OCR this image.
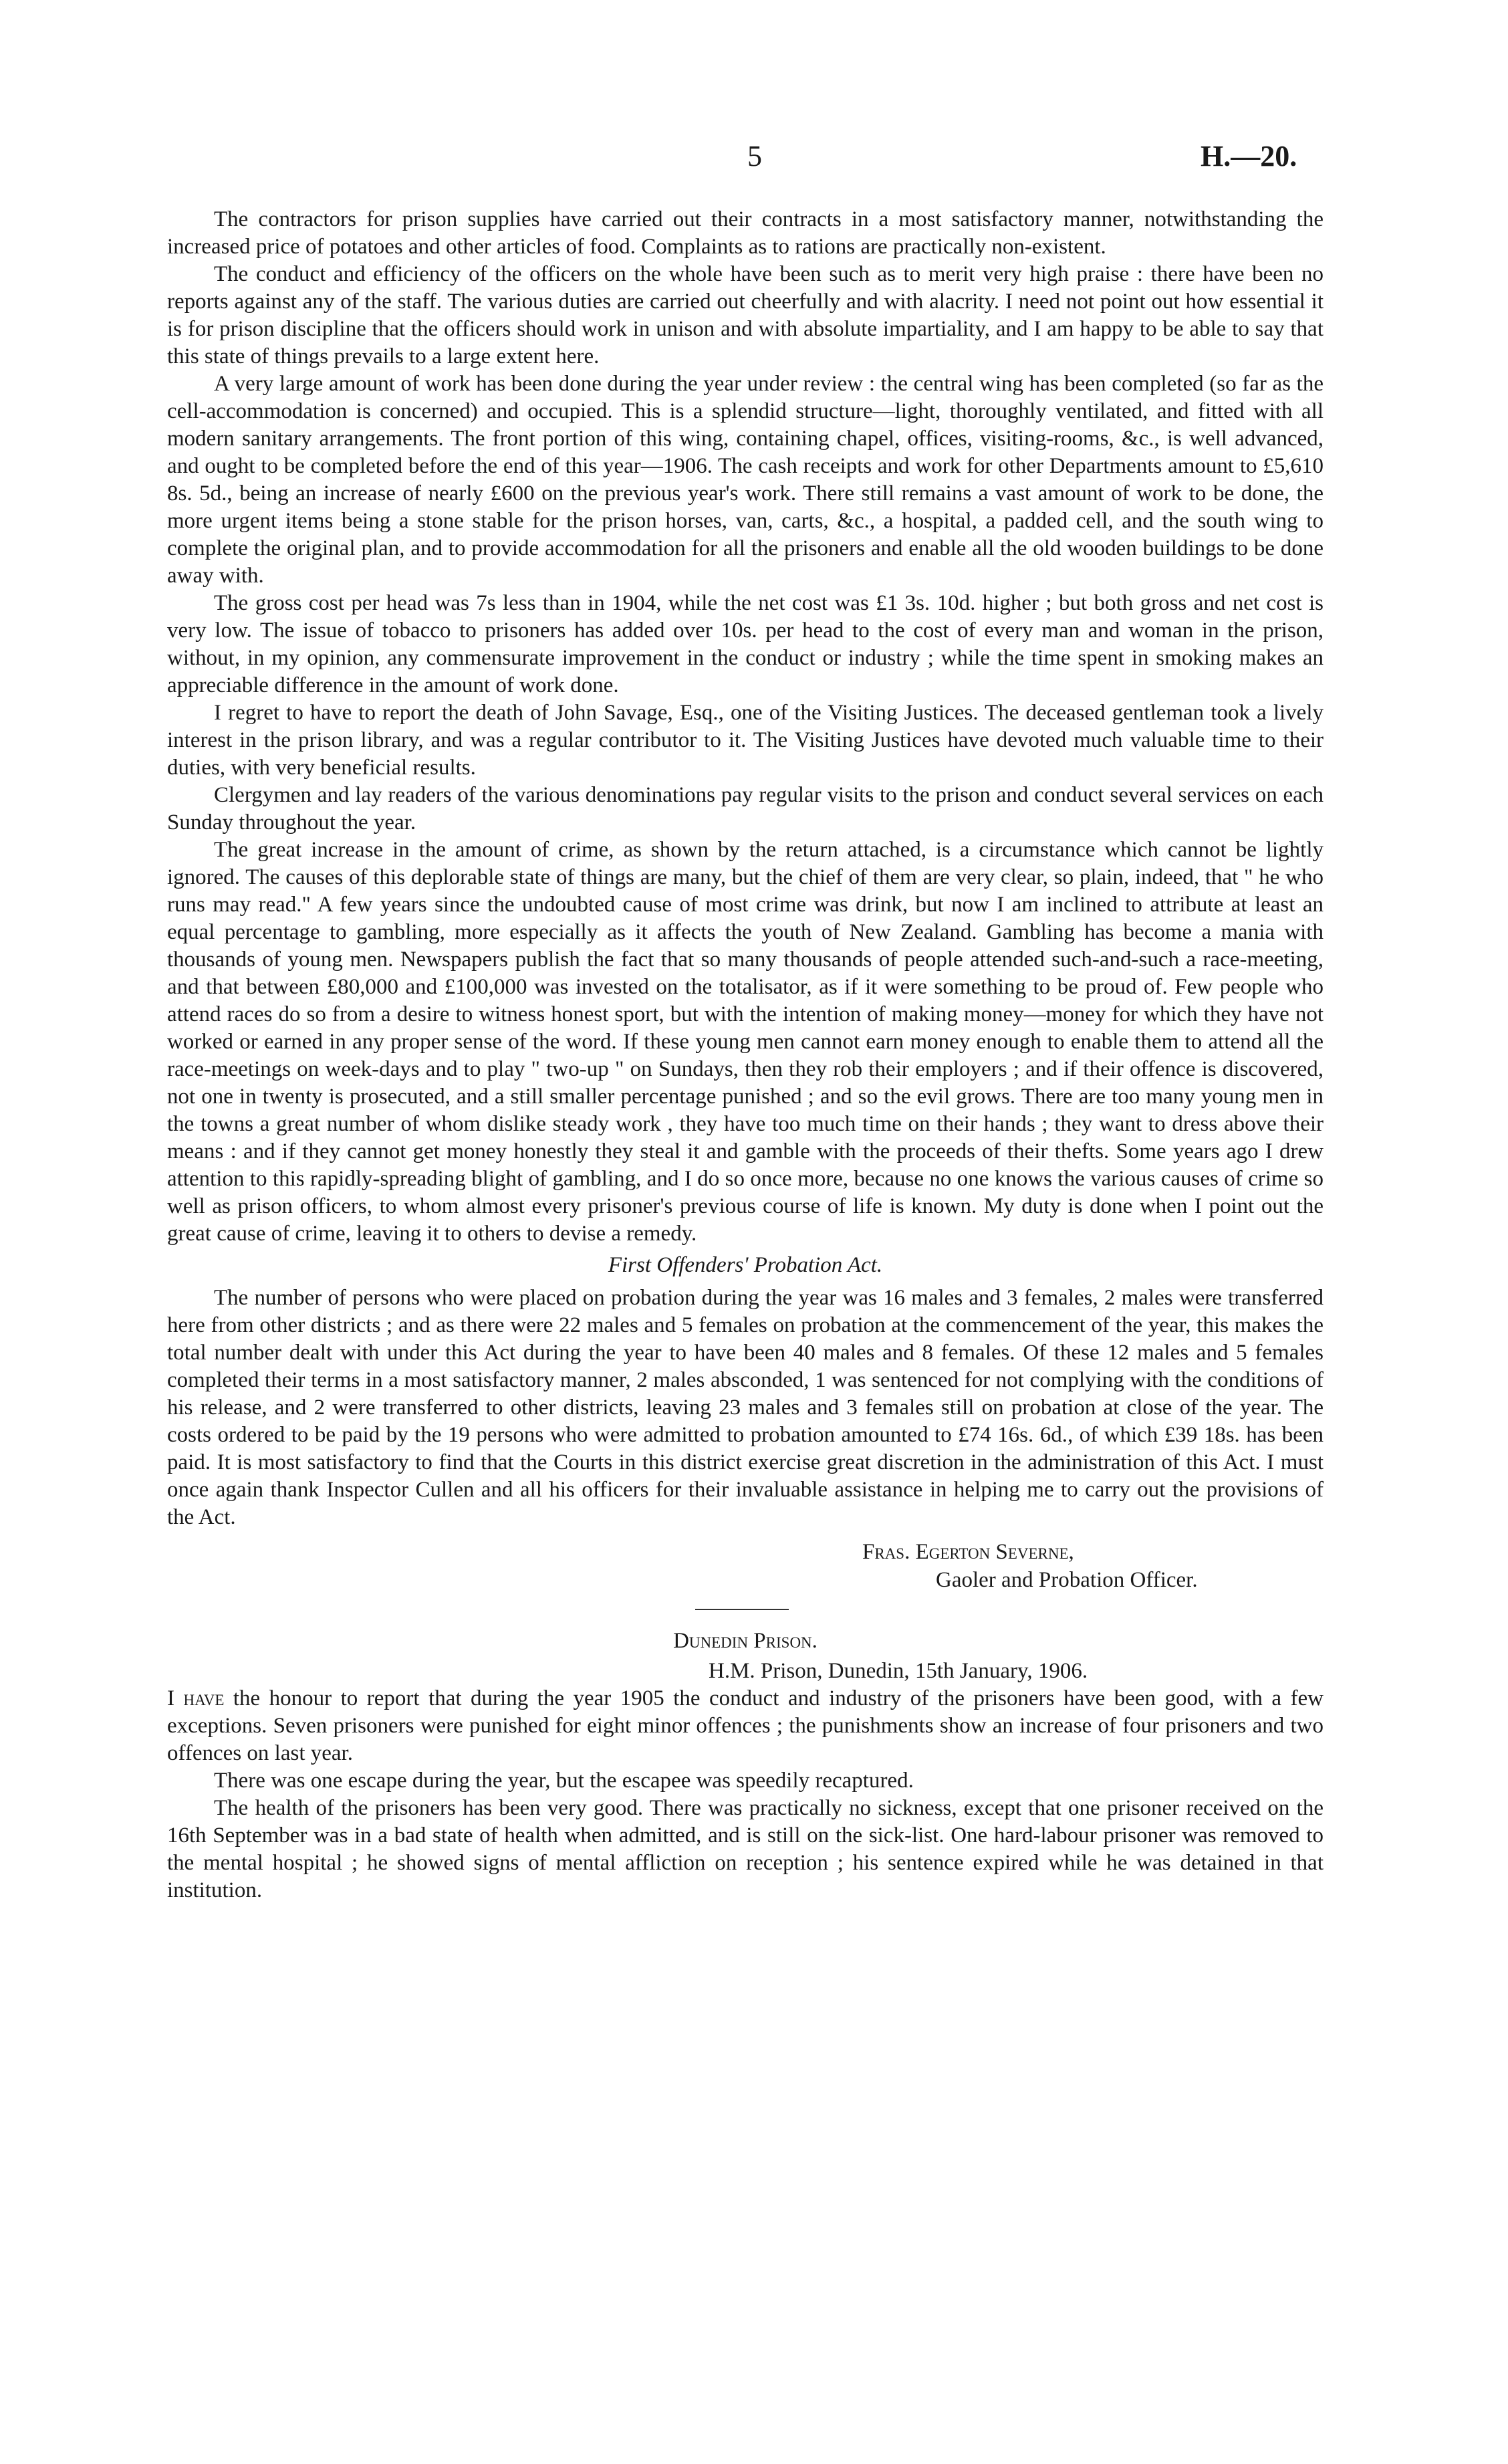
5	H.—20.

The contractors for prison supplies have carried out their contracts in a most satisfactory manner, notwithstanding the increased price of potatoes and other articles of food. Complaints as to rations are practically non-existent.

The conduct and efficiency of the officers on the whole have been such as to merit very high praise : there have been no reports against any of the staff. The various duties are carried out cheerfully and with alacrity. I need not point out how essential it is for prison discipline that the officers should work in unison and with absolute impartiality, and I am happy to be able to say that this state of things prevails to a large extent here.

A very large amount of work has been done during the year under review : the central wing has been completed (so far as the cell-accommodation is concerned) and occupied. This is a splendid structure—light, thoroughly ventilated, and fitted with all modern sanitary arrangements. The front portion of this wing, containing chapel, offices, visiting-rooms, &c., is well advanced, and ought to be completed before the end of this year—1906. The cash receipts and work for other Departments amount to £5,610 8s. 5d., being an increase of nearly £600 on the previous year's work. There still remains a vast amount of work to be done, the more urgent items being a stone stable for the prison horses, van, carts, &c., a hospital, a padded cell, and the south wing to complete the original plan, and to provide accommodation for all the prisoners and enable all the old wooden buildings to be done away with.

The gross cost per head was 7s less than in 1904, while the net cost was £1 3s. 10d. higher ; but both gross and net cost is very low. The issue of tobacco to prisoners has added over 10s. per head to the cost of every man and woman in the prison, without, in my opinion, any commensurate improvement in the conduct or industry ; while the time spent in smoking makes an appreciable difference in the amount of work done.

I regret to have to report the death of John Savage, Esq., one of the Visiting Justices. The deceased gentleman took a lively interest in the prison library, and was a regular contributor to it. The Visiting Justices have devoted much valuable time to their duties, with very beneficial results.

Clergymen and lay readers of the various denominations pay regular visits to the prison and conduct several services on each Sunday throughout the year.

The great increase in the amount of crime, as shown by the return attached, is a circumstance which cannot be lightly ignored. The causes of this deplorable state of things are many, but the chief of them are very clear, so plain, indeed, that " he who runs may read." A few years since the undoubted cause of most crime was drink, but now I am inclined to attribute at least an equal percentage to gambling, more especially as it affects the youth of New Zealand. Gambling has become a mania with thousands of young men. Newspapers publish the fact that so many thousands of people attended such-and-such a race-meeting, and that between £80,000 and £100,000 was invested on the totalisator, as if it were something to be proud of. Few people who attend races do so from a desire to witness honest sport, but with the intention of making money—money for which they have not worked or earned in any proper sense of the word. If these young men cannot earn money enough to enable them to attend all the race-meetings on week-days and to play " two-up " on Sundays, then they rob their employers ; and if their offence is discovered, not one in twenty is prosecuted, and a still smaller percentage punished ; and so the evil grows. There are too many young men in the towns a great number of whom dislike steady work , they have too much time on their hands ; they want to dress above their means : and if they cannot get money honestly they steal it and gamble with the proceeds of their thefts. Some years ago I drew attention to this rapidly-spreading blight of gambling, and I do so once more, because no one knows the various causes of crime so well as prison officers, to whom almost every prisoner's previous course of life is known. My duty is done when I point out the great cause of crime, leaving it to others to devise a remedy.

First Offenders' Probation Act.

The number of persons who were placed on probation during the year was 16 males and 3 females, 2 males were transferred here from other districts ; and as there were 22 males and 5 females on probation at the commencement of the year, this makes the total number dealt with under this Act during the year to have been 40 males and 8 females. Of these 12 males and 5 females completed their terms in a most satisfactory manner, 2 males absconded, 1 was sentenced for not complying with the conditions of his release, and 2 were transferred to other districts, leaving 23 males and 3 females still on probation at close of the year. The costs ordered to be paid by the 19 persons who were admitted to probation amounted to £74 16s. 6d., of which £39 18s. has been paid. It is most satisfactory to find that the Courts in this district exercise great discretion in the administration of this Act. I must once again thank Inspector Cullen and all his officers for their invaluable assistance in helping me to carry out the provisions of the Act.

Fras. Egerton Severne,
Gaoler and Probation Officer.
Dunedin Prison.
H.M. Prison, Dunedin, 15th January, 1906.

I have the honour to report that during the year 1905 the conduct and industry of the prisoners have been good, with a few exceptions. Seven prisoners were punished for eight minor offences ; the punishments show an increase of four prisoners and two offences on last year.

There was one escape during the year, but the escapee was speedily recaptured.

The health of the prisoners has been very good. There was practically no sickness, except that one prisoner received on the 16th September was in a bad state of health when admitted, and is still on the sick-list. One hard-labour prisoner was removed to the mental hospital ; he showed signs of mental affliction on reception ; his sentence expired while he was detained in that institution.
